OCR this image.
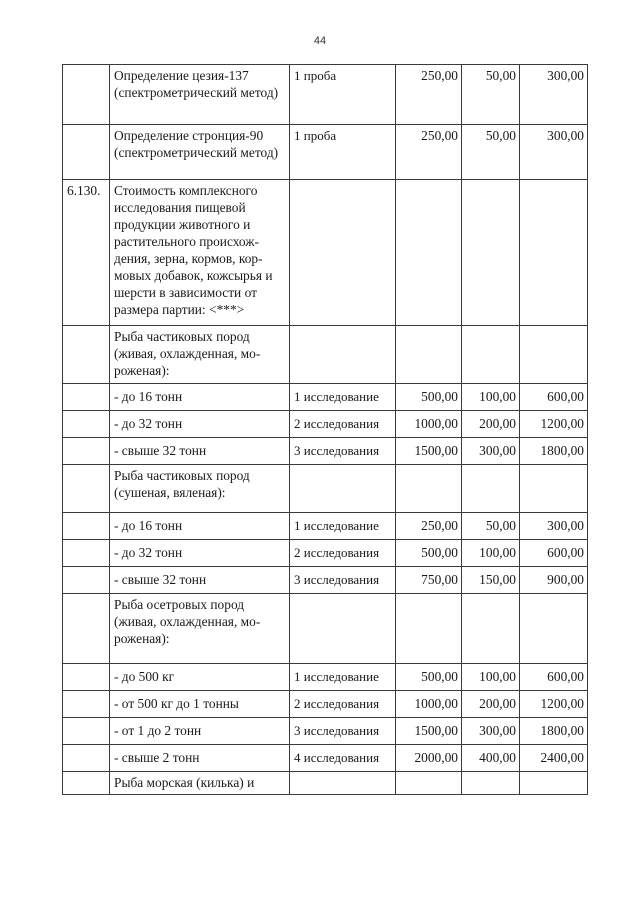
44
	Определение цезия-137 (спектрометрический метод)	1 проба	250,00	50,00	300,00
	Определение стронция-90 (спектрометрический метод)	1 проба	250,00	50,00	300,00
6.130.	Стоимость комплексного исследования пищевой продукции животного и растительного происхождения, зерна, кормов, кормовых добавок, кожсырья и шерсти в зависимости от размера партии: <***>				
	Рыба частиковых пород (живая, охлажденная, мороженая):				
	- до 16 тонн	1 исследование	500,00	100,00	600,00
	- до 32 тонн	2 исследования	1000,00	200,00	1200,00
	- свыше 32 тонн	3 исследования	1500,00	300,00	1800,00
	Рыба частиковых пород (сушеная, вяленая):				
	- до 16 тонн	1 исследование	250,00	50,00	300,00
	- до 32 тонн	2 исследования	500,00	100,00	600,00
	- свыше 32 тонн	3 исследования	750,00	150,00	900,00
	Рыба осетровых пород (живая, охлажденная, мороженая):				
	- до 500 кг	1 исследование	500,00	100,00	600,00
	- от 500 кг до 1 тонны	2 исследования	1000,00	200,00	1200,00
	- от 1 до 2 тонн	3 исследования	1500,00	300,00	1800,00
	- свыше 2 тонн	4 исследования	2000,00	400,00	2400,00
	Рыба морская (килька) и				
